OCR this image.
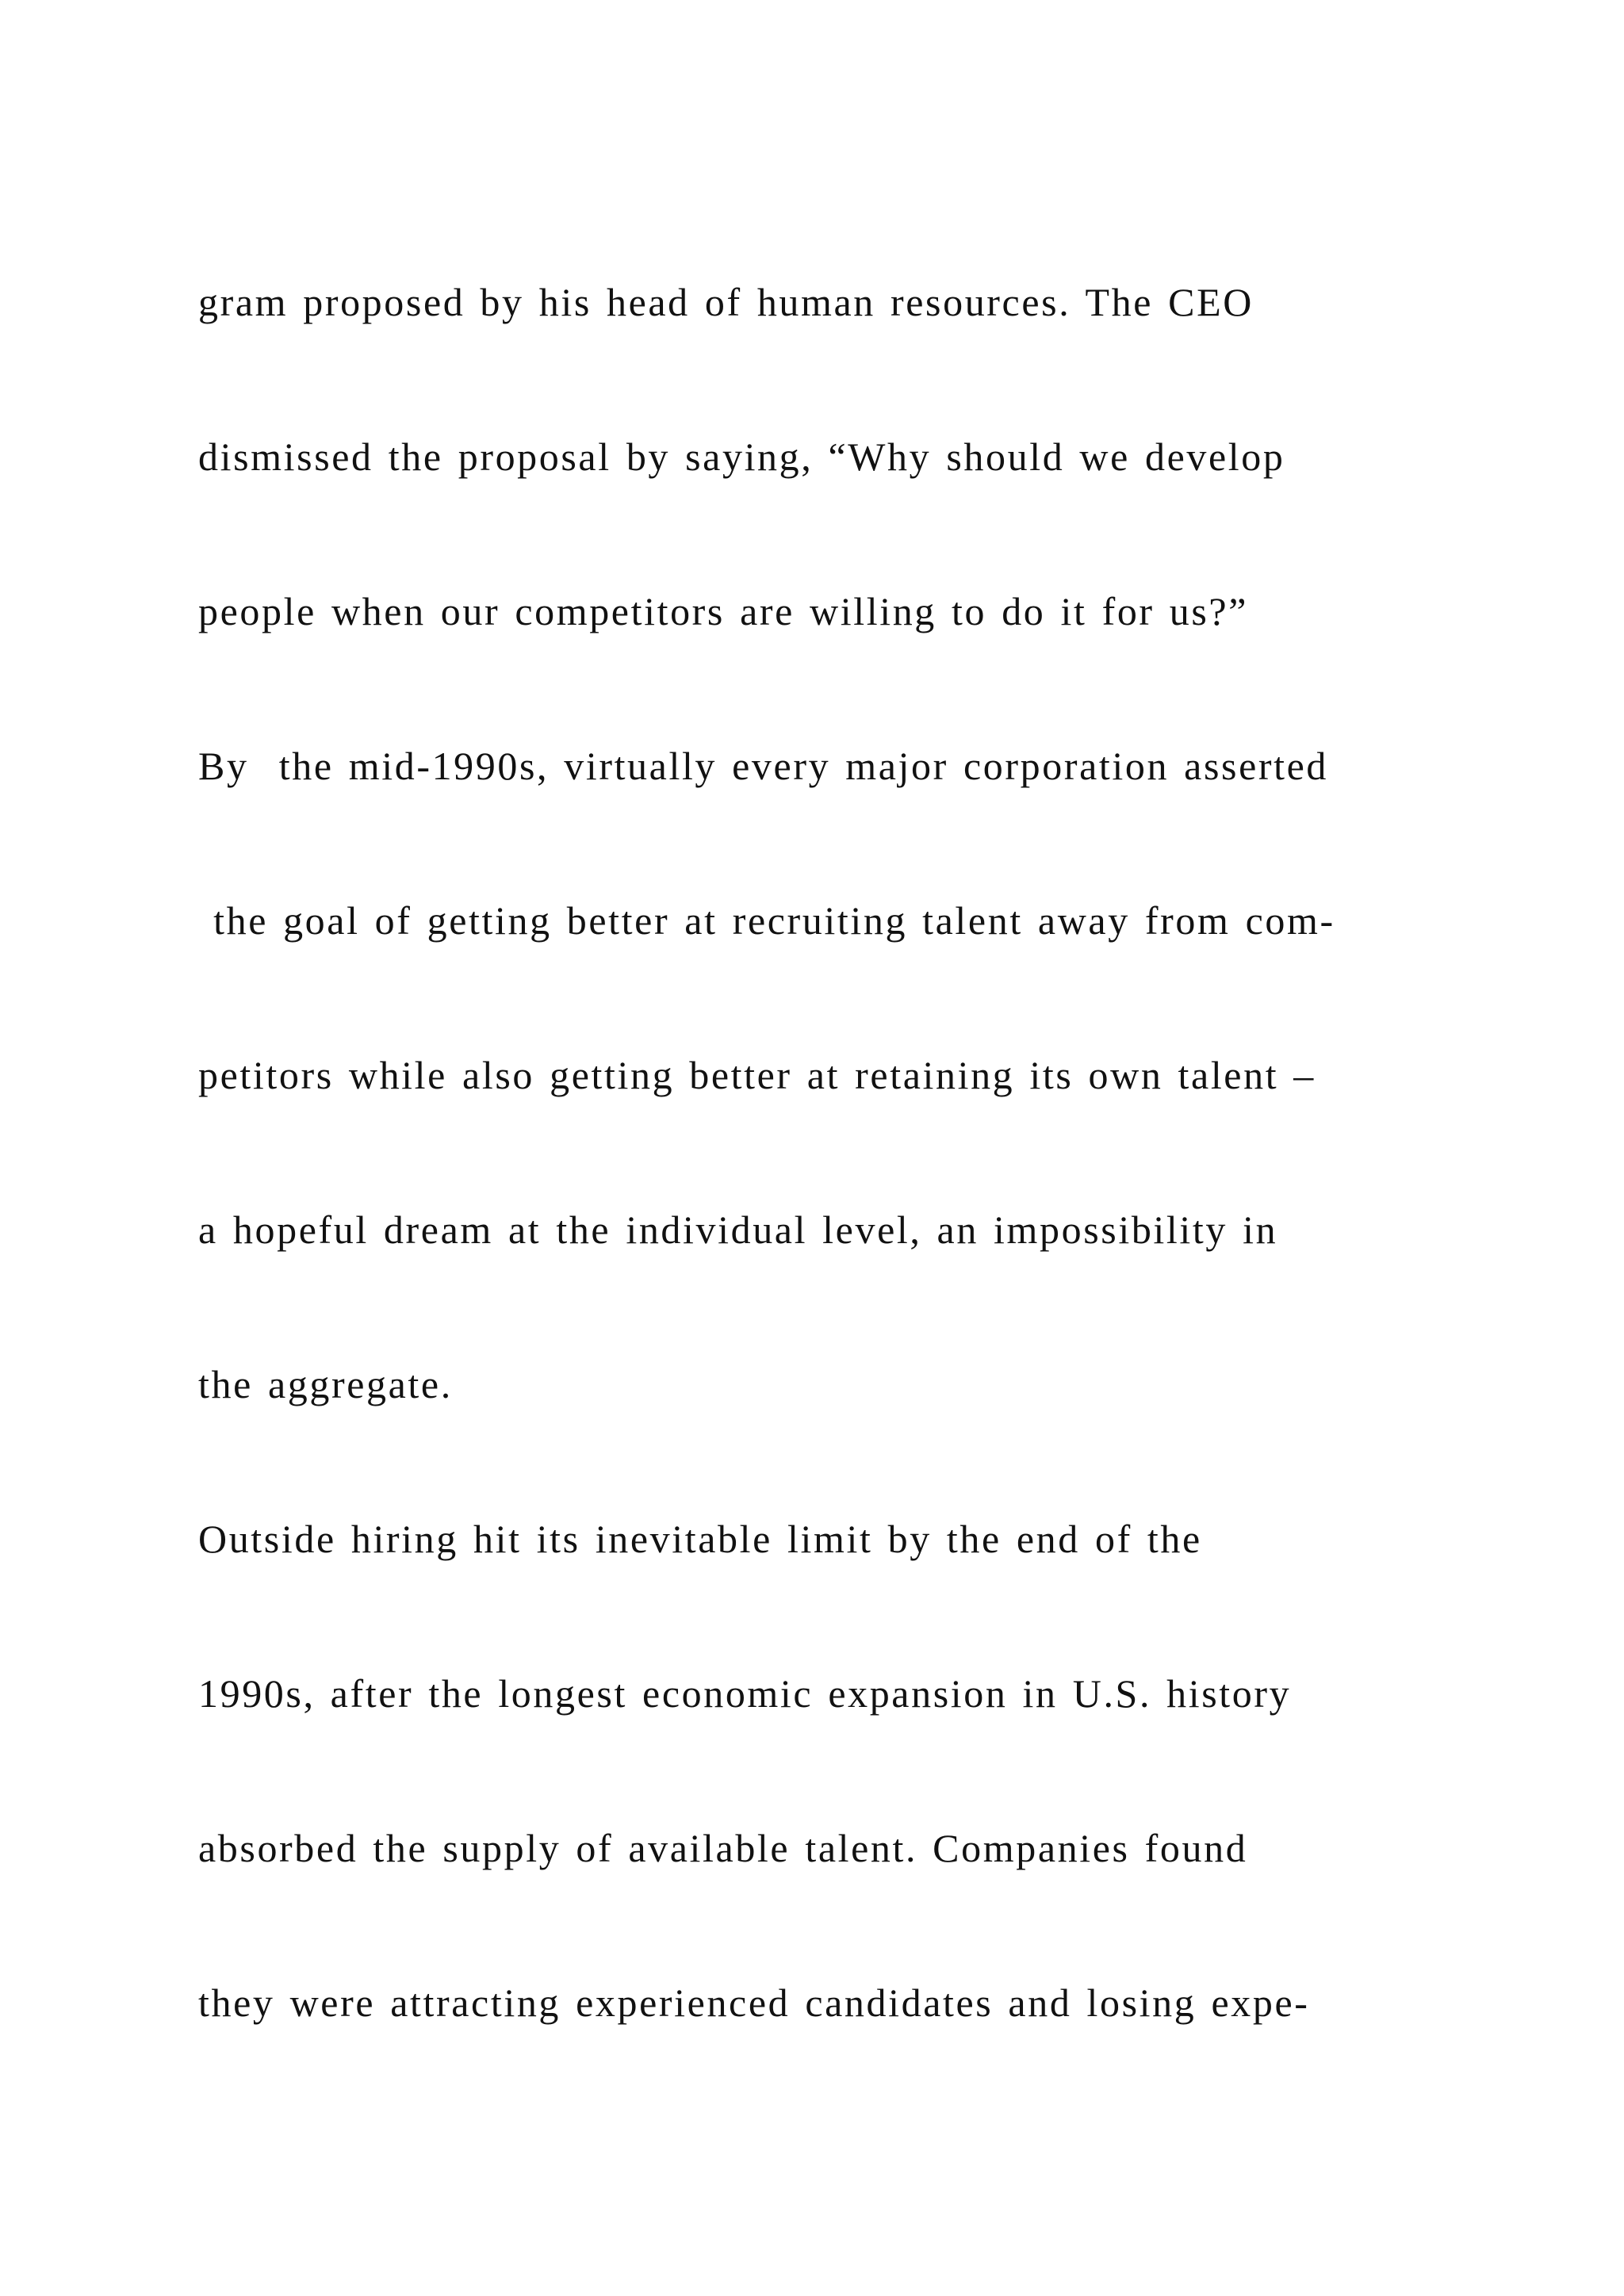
gram proposed by his head of human resources. The CEO

dismissed the proposal by saying, “Why should we develop

people when our competitors are willing to do it for us?”

By  the mid-1990s, virtually every major corporation asserted

the goal of getting better at recruiting talent away from com-

petitors while also getting better at retaining its own talent –

a hopeful dream at the individual level, an impossibility in

the aggregate.

Outside hiring hit its inevitable limit by the end of the

1990s, after the longest economic expansion in U.S. history

absorbed the supply of available talent. Companies found

they were attracting experienced candidates and losing expe-
